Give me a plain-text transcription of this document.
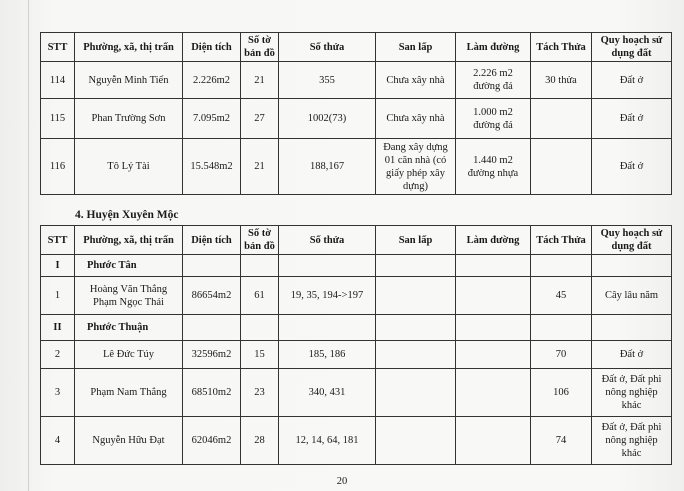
STT	Phường, xã, thị trấn	Diện tích	Số tờ bản đồ	Số thửa	San lấp	Làm đường	Tách Thửa	Quy hoạch sử dụng đất
114	Nguyễn Minh Tiến	2.226m2	21	355	Chưa xây nhà	2.226 m2 đường đá	30 thửa	Đất ở
115	Phan Trường Sơn	7.095m2	27	1002(73)	Chưa xây nhà	1.000 m2 đường đá		Đất ở
116	Tô Lý Tài	15.548m2	21	188,167	Đang xây dựng 01 căn nhà (có giấy phép xây dựng)	1.440 m2 đường nhựa		Đất ở
4. Huyện Xuyên Mộc
STT	Phường, xã, thị trấn	Diện tích	Số tờ bản đồ	Số thửa	San lấp	Làm đường	Tách Thửa	Quy hoạch sử dụng đất
I	Phước Tân							
1	Hoàng Văn Thắng Phạm Ngọc Thái	86654m2	61	19, 35, 194->197			45	Cây lâu năm
II	Phước Thuận							
2	Lê Đức Túy	32596m2	15	185, 186			70	Đất ở
3	Phạm Nam Thắng	68510m2	23	340, 431			106	Đất ở, Đất phi nông nghiệp khác
4	Nguyễn Hữu Đạt	62046m2	28	12, 14, 64, 181			74	Đất ở, Đất phi nông nghiệp khác
20
